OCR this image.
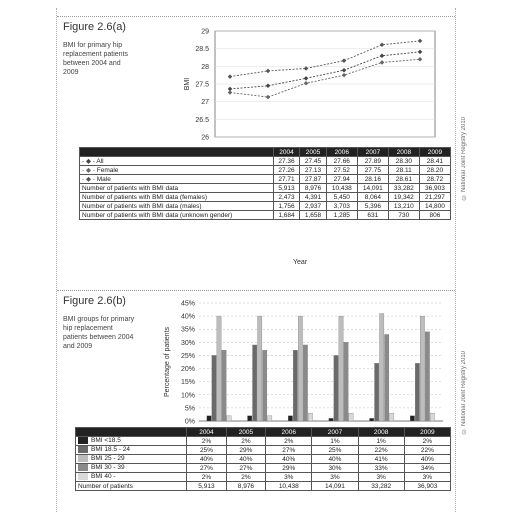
Figure 2.6(a)
BMI for primary hip replacement patients between 2004 and 2009
© National Joint Registry 2010
26
26.5
27
27.5
28
28.5
29
BMI
	2004	2005	2006	2007	2008	2009
- ◆ - All	27.36	27.45	27.66	27.89	28.30	28.41
- ◆ - Female	27.26	27.13	27.52	27.75	28.11	28.20
- ◆ - Male	27.71	27.87	27.94	28.16	28.61	28.72
Number of patients with BMI data	5,913	8,976	10,438	14,091	33,282	36,903
Number of patients with BMI data (females)	2,473	4,391	5,450	8,064	19,342	21,297
Number of patients with BMI data (males)	1,756	2,937	3,703	5,396	13,210	14,800
Number of patients with BMI data (unknown gender)	1,684	1,658	1,285	631	730	806
Year
Figure 2.6(b)
BMI groups for primary hip replacement patients between 2004 and 2009
© National Joint Registry 2010
0%
5%
10%
15%
20%
25%
30%
35%
40%
45%
Percentage of patients
	2004	2005	2006	2007	2008	2009
BMI <18.5	2%	2%	2%	1%	1%	2%
BMI 18.5 - 24	25%	29%	27%	25%	22%	22%
BMI 25 - 29	40%	40%	40%	40%	41%	40%
BMI 30 - 39	27%	27%	29%	30%	33%	34%
BMI 40 -	2%	2%	3%	3%	3%	3%
Number of patients	5,913	8,976	10,438	14,091	33,282	36,903
